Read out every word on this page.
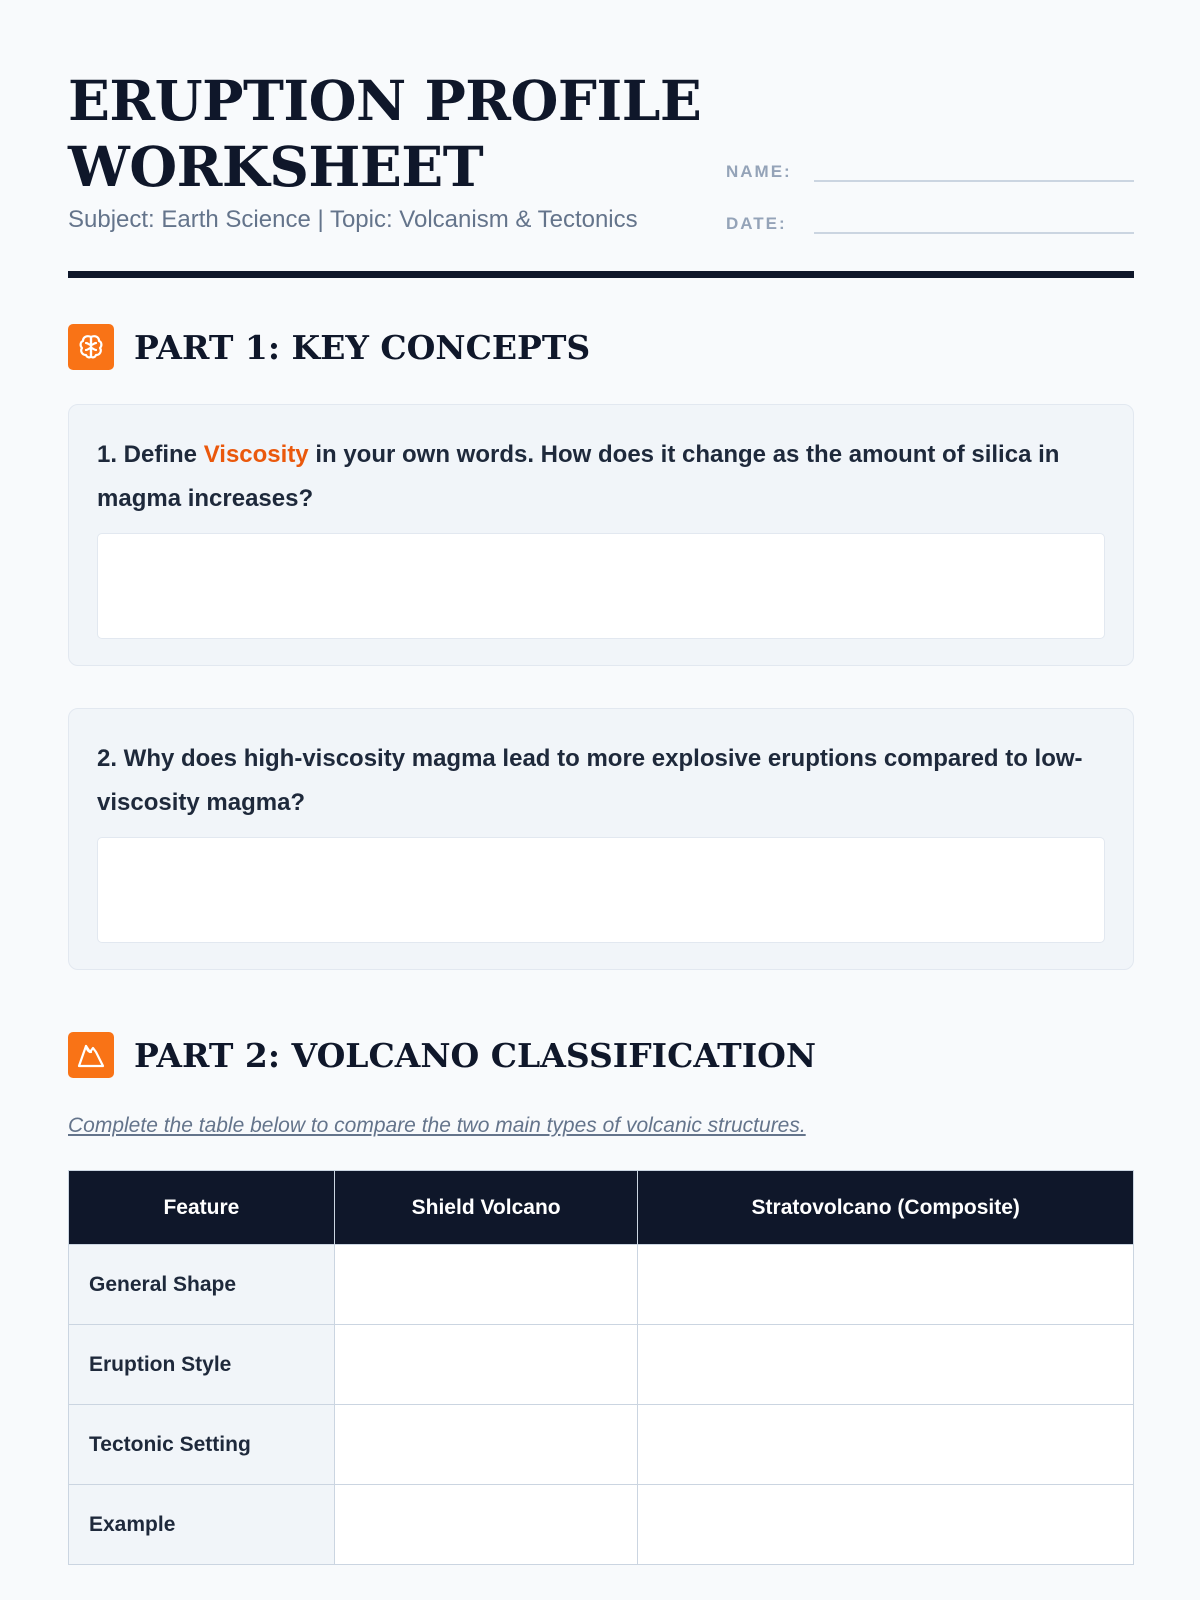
ERUPTION PROFILE WORKSHEET
Subject: Earth Science | Topic: Volcanism & Tectonics
NAME:
DATE:
PART 1: KEY CONCEPTS

1. Define Viscosity in your own words. How does it change as the amount of silica in magma increases?

2. Why does high-viscosity magma lead to more explosive eruptions compared to low-viscosity magma?

PART 2: VOLCANO CLASSIFICATION
Complete the table below to compare the two main types of volcanic structures.
Feature	Shield Volcano	Stratovolcano (Composite)
General Shape		
Eruption Style		
Tectonic Setting		
Example		
